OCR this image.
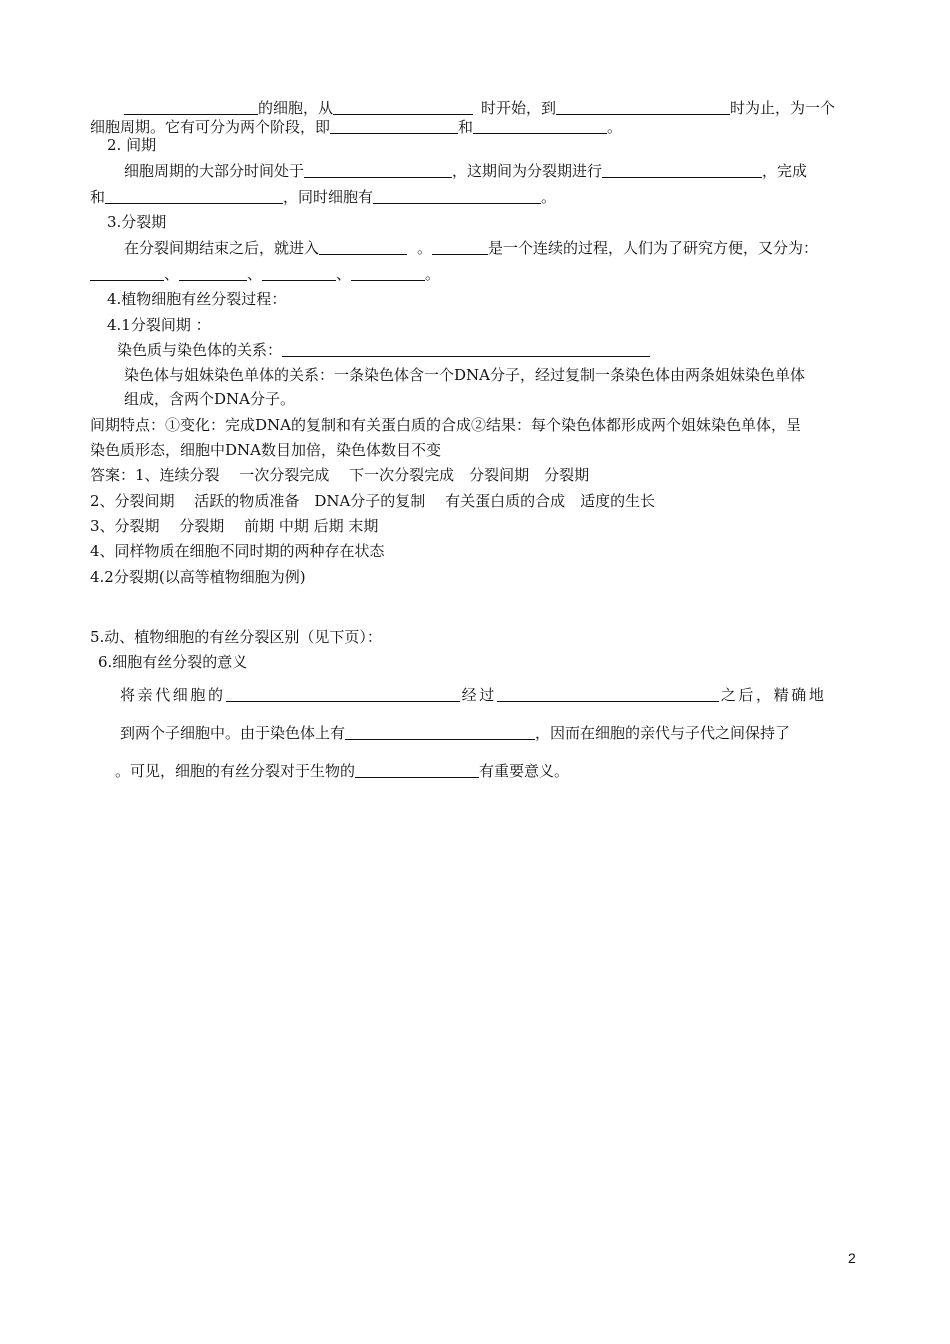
的细胞，从	时开始，到	时为止，为一个
细胞周期。它有可分为两个阶段，即	和	。
2. 间期
细胞周期的大部分时间处于	，这期间为分裂期进行	，完成
和	，同时细胞有	。
3.分裂期
在分裂间期结束之后，就进入	。	是一个连续的过程，人们为了研究方便，又分为：
、	、	、	。
4.植物细胞有丝分裂过程：
4.1分裂间期 ：
染色质与染色体的关系：
染色体与姐妹染色单体的关系：一条染色体含一个DNA分子，经过复制一条染色体由两条姐妹染色单体
组成，含两个DNA分子。
间期特点：①变化：完成DNA的复制和有关蛋白质的合成②结果：每个染色体都形成两个姐妹染色单体，呈
染色质形态，细胞中DNA数目加倍，染色体数目不变
答案：1、连续分裂　 一次分裂完成　 下一次分裂完成　分裂间期　分裂期
2、分裂间期　 活跃的物质准备　DNA分子的复制　 有关蛋白质的合成　适度的生长
3、分裂期　 分裂期　 前期 中期 后期 末期
4、同样物质在细胞不同时期的两种存在状态
4.2分裂期(以高等植物细胞为例)
5.动、植物细胞的有丝分裂区别（见下页）：
6.细胞有丝分裂的意义
将亲代细胞的	经过	之后，精确地
到两个子细胞中。由于染色体上有	，因而在细胞的亲代与子代之间保持了
。可见，细胞的有丝分裂对于生物的	有重要意义。
2
